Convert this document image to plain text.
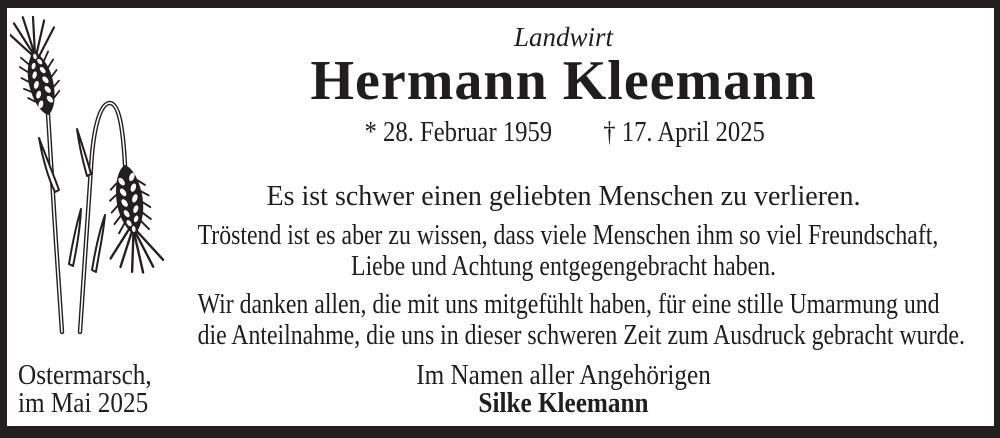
Landwirt
Hermann Kleemann
* 28. Februar 1959 † 17. April 2025

Es ist schwer einen geliebten Menschen zu verlieren.

Tröstend ist es aber zu wissen, dass viele Menschen ihm so viel Freundschaft,
Liebe und Achtung entgegengebracht haben.

Wir danken allen, die mit uns mitgefühlt haben, für eine stille Umarmung und
die Anteilnahme, die uns in dieser schweren Zeit zum Ausdruck gebracht wurde.

Ostermarsch,
im Mai 2025
Im Namen aller Angehörigen
Silke Kleemann
